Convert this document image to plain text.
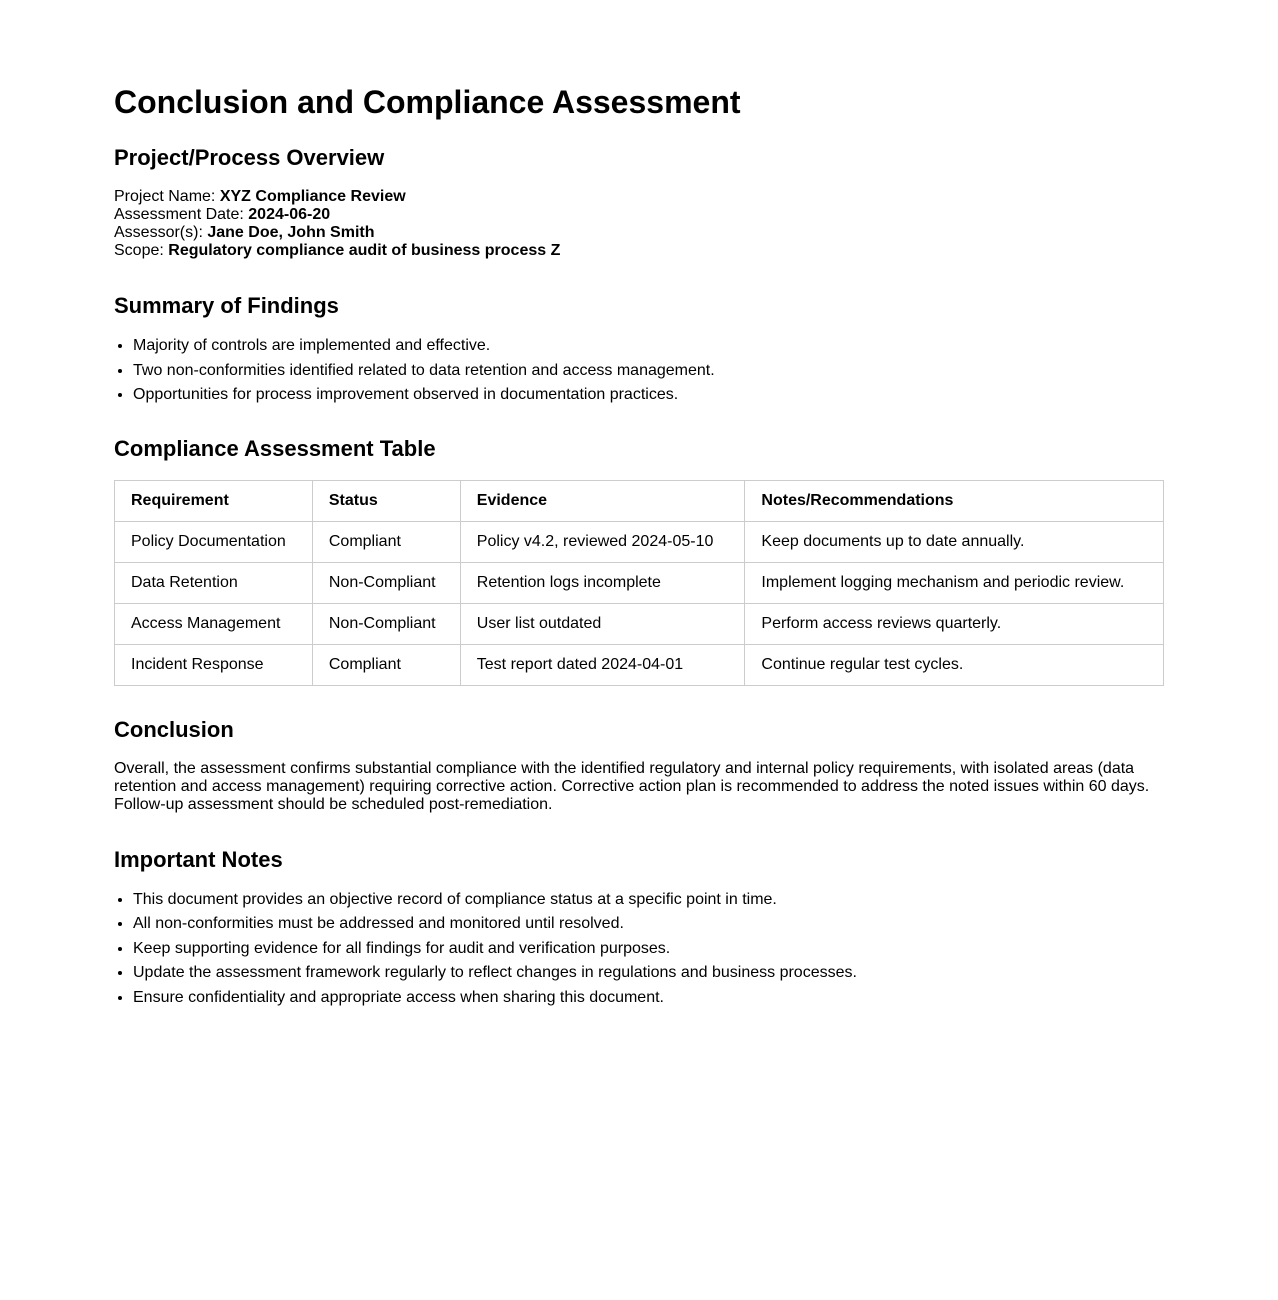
Conclusion and Compliance Assessment
Project/Process Overview
Project Name: XYZ Compliance Review
Assessment Date: 2024-06-20
Assessor(s): Jane Doe, John Smith
Scope: Regulatory compliance audit of business process Z
Summary of Findings
• Majority of controls are implemented and effective.
• Two non-conformities identified related to data retention and access management.
• Opportunities for process improvement observed in documentation practices.
Compliance Assessment Table
Requirement	Status	Evidence	Notes/Recommendations
Policy Documentation	Compliant	Policy v4.2, reviewed 2024-05-10	Keep documents up to date annually.
Data Retention	Non-Compliant	Retention logs incomplete	Implement logging mechanism and periodic review.
Access Management	Non-Compliant	User list outdated	Perform access reviews quarterly.
Incident Response	Compliant	Test report dated 2024-04-01	Continue regular test cycles.
Conclusion

Overall, the assessment confirms substantial compliance with the identified regulatory and internal policy requirements, with isolated areas (data retention and access management) requiring corrective action. Corrective action plan is recommended to address the noted issues within 60 days. Follow-up assessment should be scheduled post-remediation.

Important Notes
• This document provides an objective record of compliance status at a specific point in time.
• All non-conformities must be addressed and monitored until resolved.
• Keep supporting evidence for all findings for audit and verification purposes.
• Update the assessment framework regularly to reflect changes in regulations and business processes.
• Ensure confidentiality and appropriate access when sharing this document.
